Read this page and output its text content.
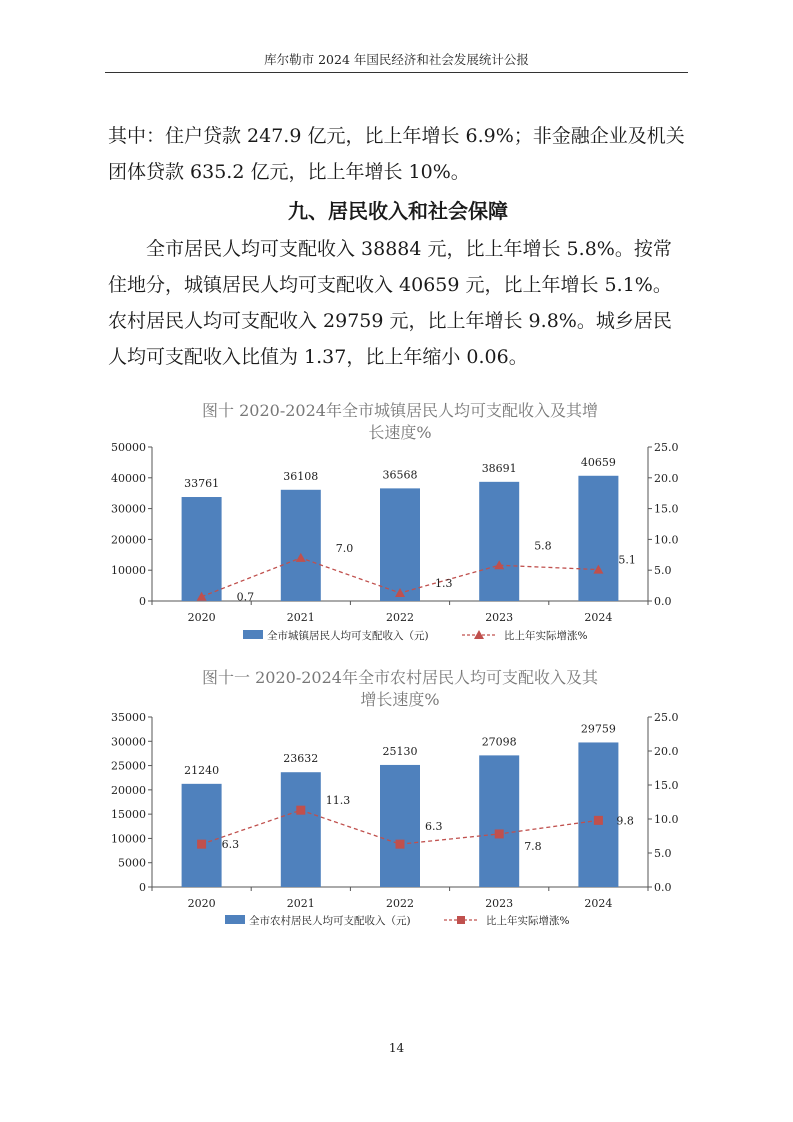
库尔勒市 2024 年国民经济和社会发展统计公报

其中：住户贷款 247.9 亿元，比上年增长 6.9%；非金融企业及机关团体贷款 635.2 亿元，比上年增长 10%。

九、居民收入和社会保障

全市居民人均可支配收入 38884 元，比上年增长 5.8%。按常住地分，城镇居民人均可支配收入 40659 元，比上年增长 5.1%。农村居民人均可支配收入 29759 元，比上年增长 9.8%。城乡居民人均可支配收入比值为 1.37，比上年缩小 0.06。

图十 2020-2024年全市城镇居民人均可支配收入及其增
长速度%
0
10000
20000
30000
40000
50000
0.0
5.0
10.0
15.0
20.0
25.0
2020	2021	2022	2023	2024
33761
36108	36568
38691	40659
0.7
7.0
1.3
5.8
5.1
全市城镇居民人均可支配收入（元)	比上年实际增涨%
图十一 2020-2024年全市农村居民人均可支配收入及其
增长速度%
0
5000
10000
15000
20000
25000
30000
35000
0.0
5.0
10.0
15.0
20.0
25.0
2020	2021	2022	2023	2024
21240
23632
25130
27098
29759
6.3
11.3
6.3
7.8
9.8
全市农村居民人均可支配收入（元)	比上年实际增涨%
14
